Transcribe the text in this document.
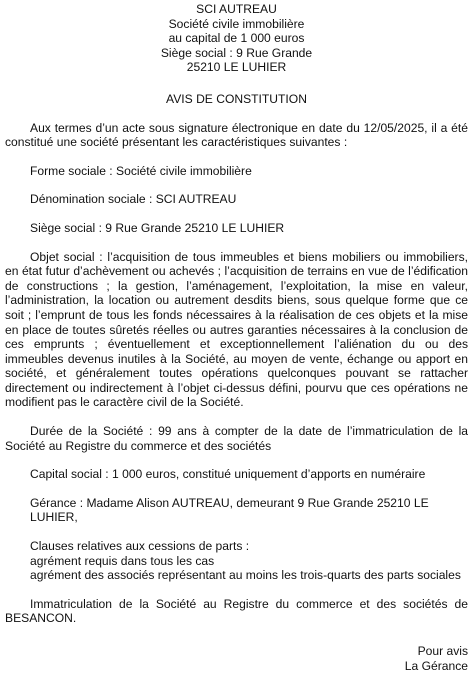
SCI AUTREAU
Société civile immobilière
au capital de 1 000 euros
Siège social : 9 Rue Grande
25210 LE LUHIER
AVIS DE CONSTITUTION

Aux termes d’un acte sous signature électronique en date du 12/05/2025, il a été constitué une société présentant les caractéristiques suivantes :

Forme sociale : Société civile immobilière

Dénomination sociale : SCI AUTREAU

Siège social : 9 Rue Grande 25210 LE LUHIER

Objet social : l’acquisition de tous immeubles et biens mobiliers ou immobiliers, en état futur d’achèvement ou achevés ; l’acquisition de terrains en vue de l’édification de constructions ; la gestion, l’aménagement, l’exploitation, la mise en valeur, l’administration, la location ou autrement desdits biens, sous quelque forme que ce soit ; l’emprunt de tous les fonds nécessaires à la réalisation de ces objets et la mise en place de toutes sûretés réelles ou autres garanties nécessaires à la conclusion de ces emprunts ; éventuellement et exceptionnellement l’aliénation du ou des immeubles devenus inutiles à la Société, au moyen de vente, échange ou apport en société, et généralement toutes opérations quelconques pouvant se rattacher directement ou indirectement à l’objet ci-dessus défini, pourvu que ces opérations ne modifient pas le caractère civil de la Société.

Durée de la Société : 99 ans à compter de la date de l’immatriculation de la Société au Registre du commerce et des sociétés

Capital social : 1 000 euros, constitué uniquement d’apports en numéraire

Gérance : Madame Alison AUTREAU, demeurant 9 Rue Grande 25210 LE LUHIER,

Clauses relatives aux cessions de parts :

agrément requis dans tous les cas

agrément des associés représentant au moins les trois-quarts des parts sociales

Immatriculation de la Société au Registre du commerce et des sociétés de BESANCON.

Pour avis
La Gérance
